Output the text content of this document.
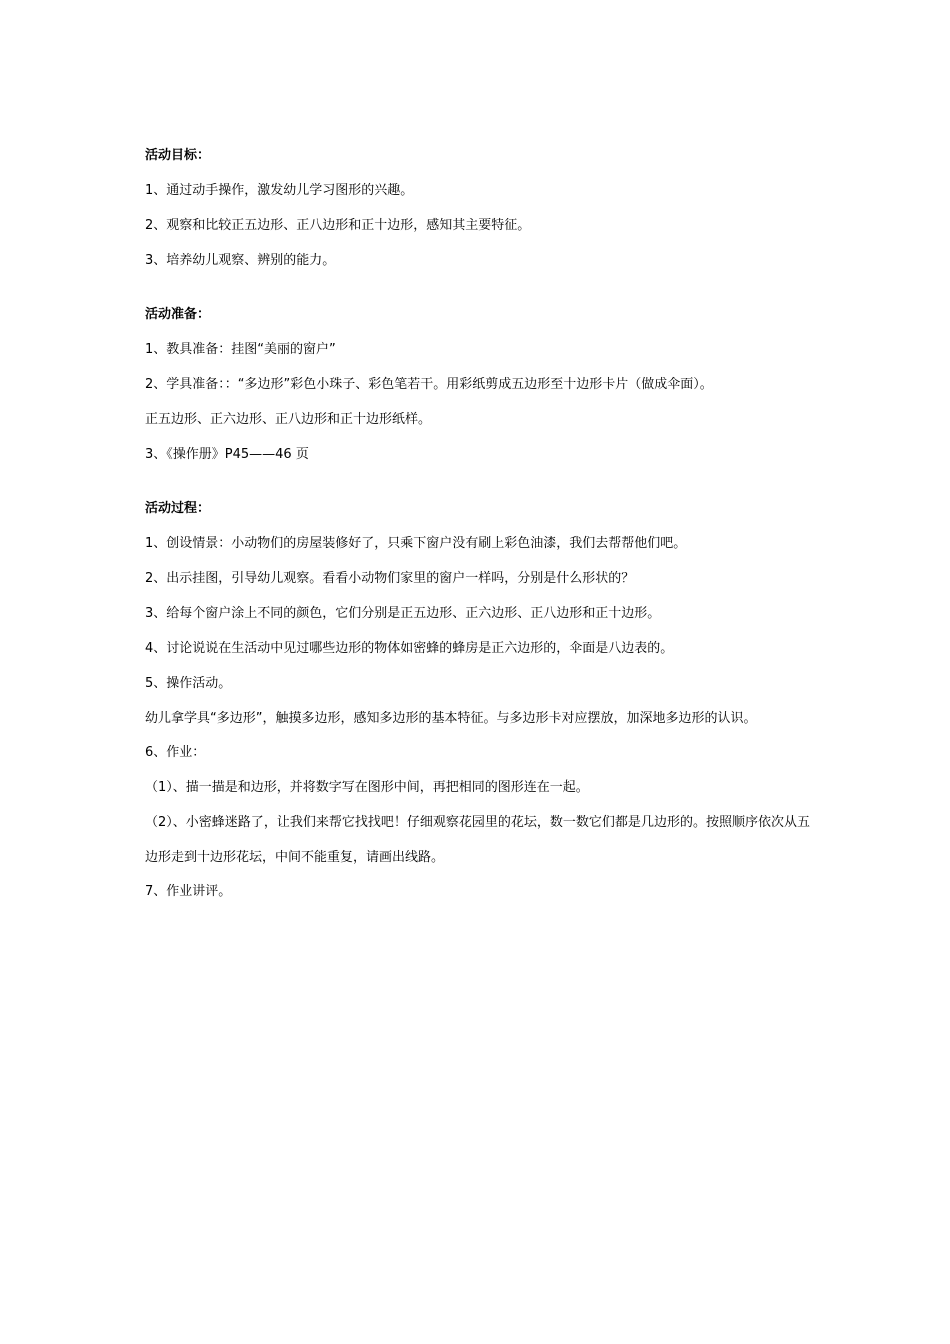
活动目标：
1、通过动手操作，激发幼儿学习图形的兴趣。
2、观察和比较正五边形、正八边形和正十边形，感知其主要特征。
3、培养幼儿观察、辨别的能力。
活动准备：
1、教具准备：挂图“美丽的窗户”
2、学具准备：：“多边形”彩色小珠子、彩色笔若干。用彩纸剪成五边形至十边形卡片（做成伞面）。
正五边形、正六边形、正八边形和正十边形纸样。
3、《操作册》P45——46 页
活动过程：
1、创设情景：小动物们的房屋装修好了，只乘下窗户没有刷上彩色油漆，我们去帮帮他们吧。
2、出示挂图，引导幼儿观察。看看小动物们家里的窗户一样吗，分别是什么形状的？
3、给每个窗户涂上不同的颜色，它们分别是正五边形、正六边形、正八边形和正十边形。
4、讨论说说在生活动中见过哪些边形的物体如密蜂的蜂房是正六边形的，伞面是八边表的。
5、操作活动。
幼儿拿学具“多边形”，触摸多边形，感知多边形的基本特征。与多边形卡对应摆放，加深地多边形的认识。
6、作业：
（1）、描一描是和边形，并将数字写在图形中间，再把相同的图形连在一起。
（2）、小密蜂迷路了，让我们来帮它找找吧！仔细观察花园里的花坛，数一数它们都是几边形的。按照顺序依次从五边形走到十边形花坛，中间不能重复，请画出线路。
7、作业讲评。
